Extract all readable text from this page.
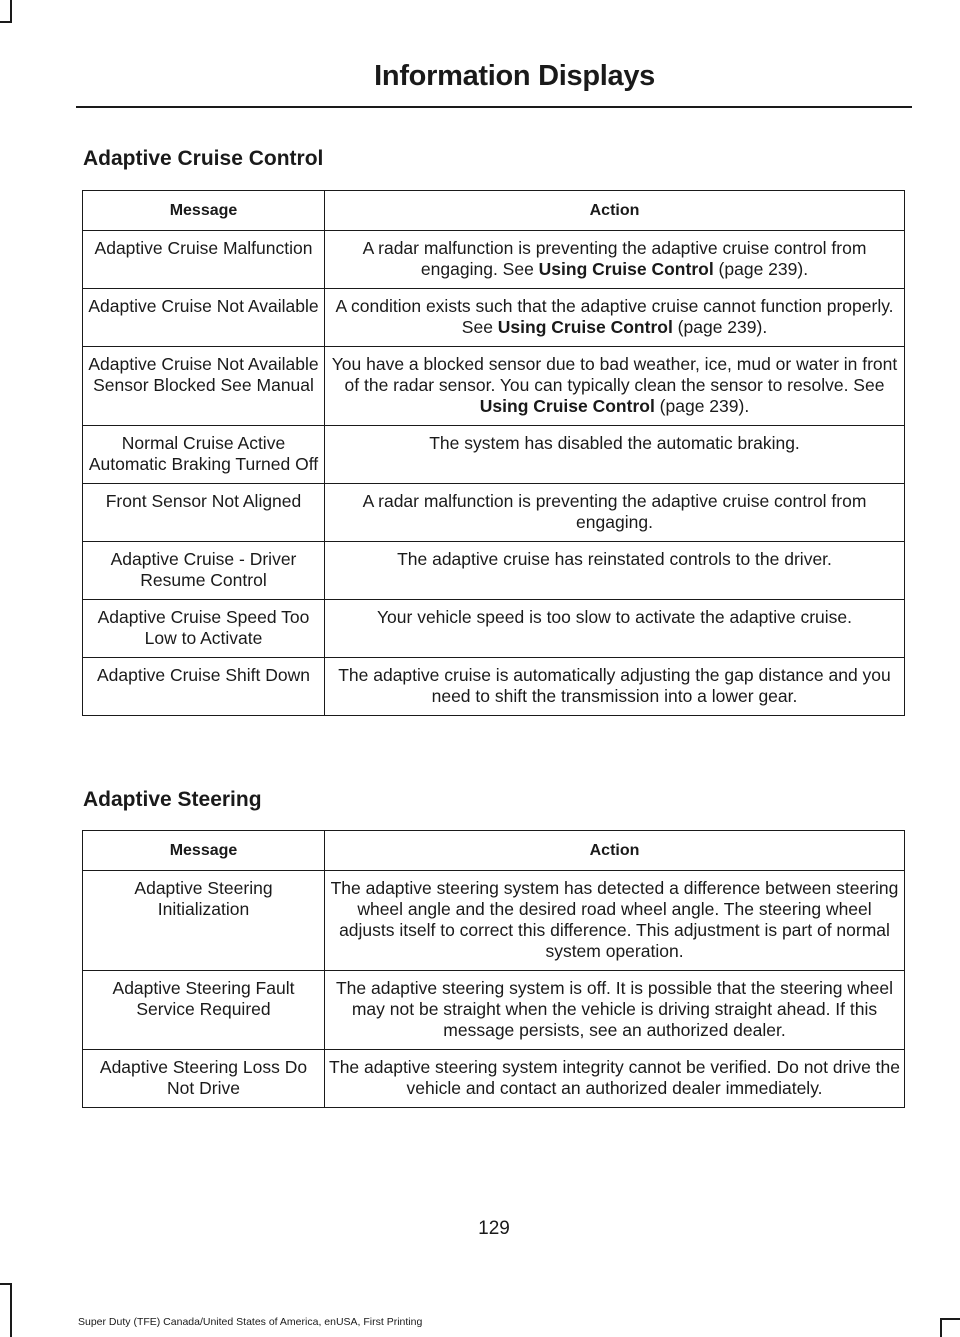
Information Displays
Adaptive Cruise Control
Message	Action
Adaptive Cruise Malfunction	A radar malfunction is preventing the adaptive cruise control from engaging. See Using Cruise Control (page 239).
Adaptive Cruise Not Available	A condition exists such that the adaptive cruise cannot function properly. See Using Cruise Control (page 239).
Adaptive Cruise Not Available Sensor Blocked See Manual	You have a blocked sensor due to bad weather, ice, mud or water in front of the radar sensor. You can typically clean the sensor to resolve. See Using Cruise Control (page 239).
Normal Cruise Active Automatic Braking Turned Off	The system has disabled the automatic braking.
Front Sensor Not Aligned	A radar malfunction is preventing the adaptive cruise control from engaging.
Adaptive Cruise - Driver Resume Control	The adaptive cruise has reinstated controls to the driver.
Adaptive Cruise Speed Too Low to Activate	Your vehicle speed is too slow to activate the adaptive cruise.
Adaptive Cruise Shift Down	The adaptive cruise is automatically adjusting the gap distance and you need to shift the transmission into a lower gear.
Adaptive Steering
Message	Action
Adaptive Steering Initialization	The adaptive steering system has detected a difference between steering wheel angle and the desired road wheel angle. The steering wheel adjusts itself to correct this difference. This adjustment is part of normal system operation.
Adaptive Steering Fault Service Required	The adaptive steering system is off. It is possible that the steering wheel may not be straight when the vehicle is driving straight ahead. If this message persists, see an authorized dealer.
Adaptive Steering Loss Do Not Drive	The adaptive steering system integrity cannot be verified. Do not drive the vehicle and contact an authorized dealer immediately.
129
Super Duty (TFE) Canada/United States of America, enUSA, First Printing
